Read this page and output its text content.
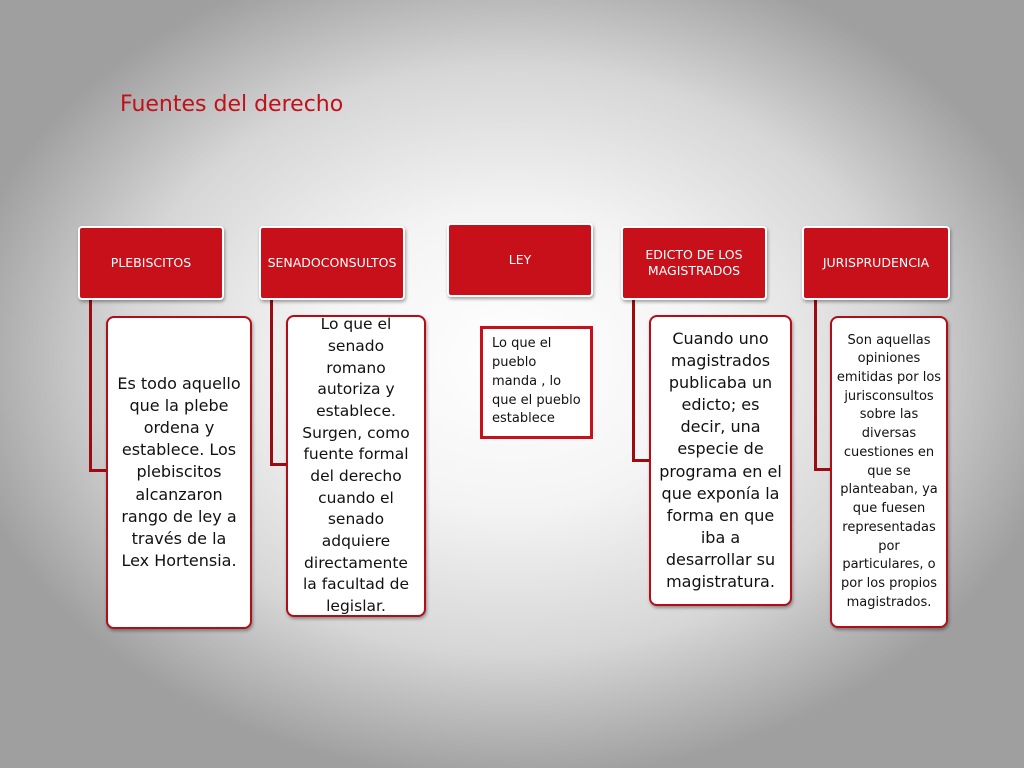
Fuentes del derecho
PLEBISCITOS
Es todo aquello que la plebe ordena y establece. Los plebiscitos alcanzaron rango de ley a través de la Lex Hortensia.
SENADOCONSULTOS
Lo que el senado romano autoriza y establece. Surgen, como fuente formal del derecho cuando el senado adquiere directamente la facultad de legislar.
LEY
Lo que el pueblo manda , lo que el pueblo establece
EDICTO DE LOS MAGISTRADOS
Cuando uno magistrados publicaba un edicto; es decir, una especie de programa en el que exponía la forma en que iba a desarrollar su magistratura.
JURISPRUDENCIA
Son aquellas opiniones emitidas por los jurisconsultos sobre las diversas cuestiones en que se planteaban, ya que fuesen representadas por particulares, o por los propios magistrados.
